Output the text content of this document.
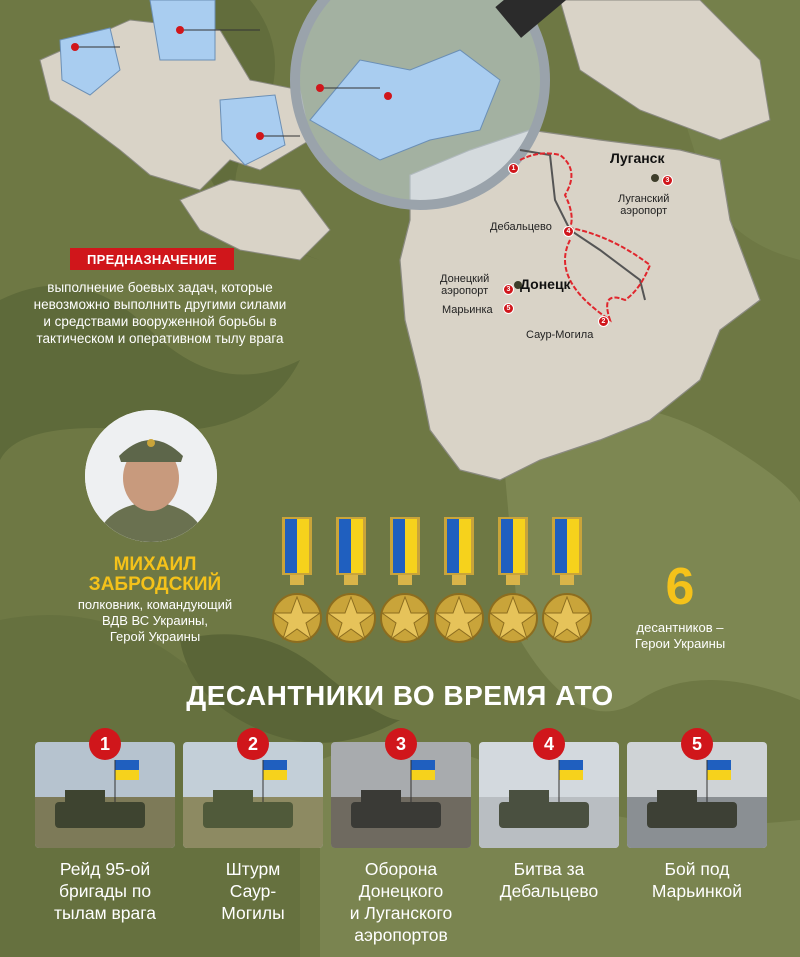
1
2
3
4
5
3
Луганск
Луганский
аэропорт
Дебальцево
Донецк
Донецкий
аэропорт
Марьинка
Саур-Могила
ПРЕДНАЗНАЧЕНИЕ
выполнение боевых задач, которые невозможно выполнить другими силами и средствами вооруженной борьбы в тактическом и оперативном тылу врага
МИХАИЛ
ЗАБРОДСКИЙ
полковник, командующий
ВДВ ВС Украины,
Герой Украины
6
десантников –
Герои Украины
ДЕСАНТНИКИ ВО ВРЕМЯ АТО
1
Рейд 95-ой
бригады по
тылам врага
2
Штурм
Саур-
Могилы
3
Оборона
Донецкого
и Луганского
аэропортов
4
Битва за
Дебальцево
5
Бой под
Марьинкой
